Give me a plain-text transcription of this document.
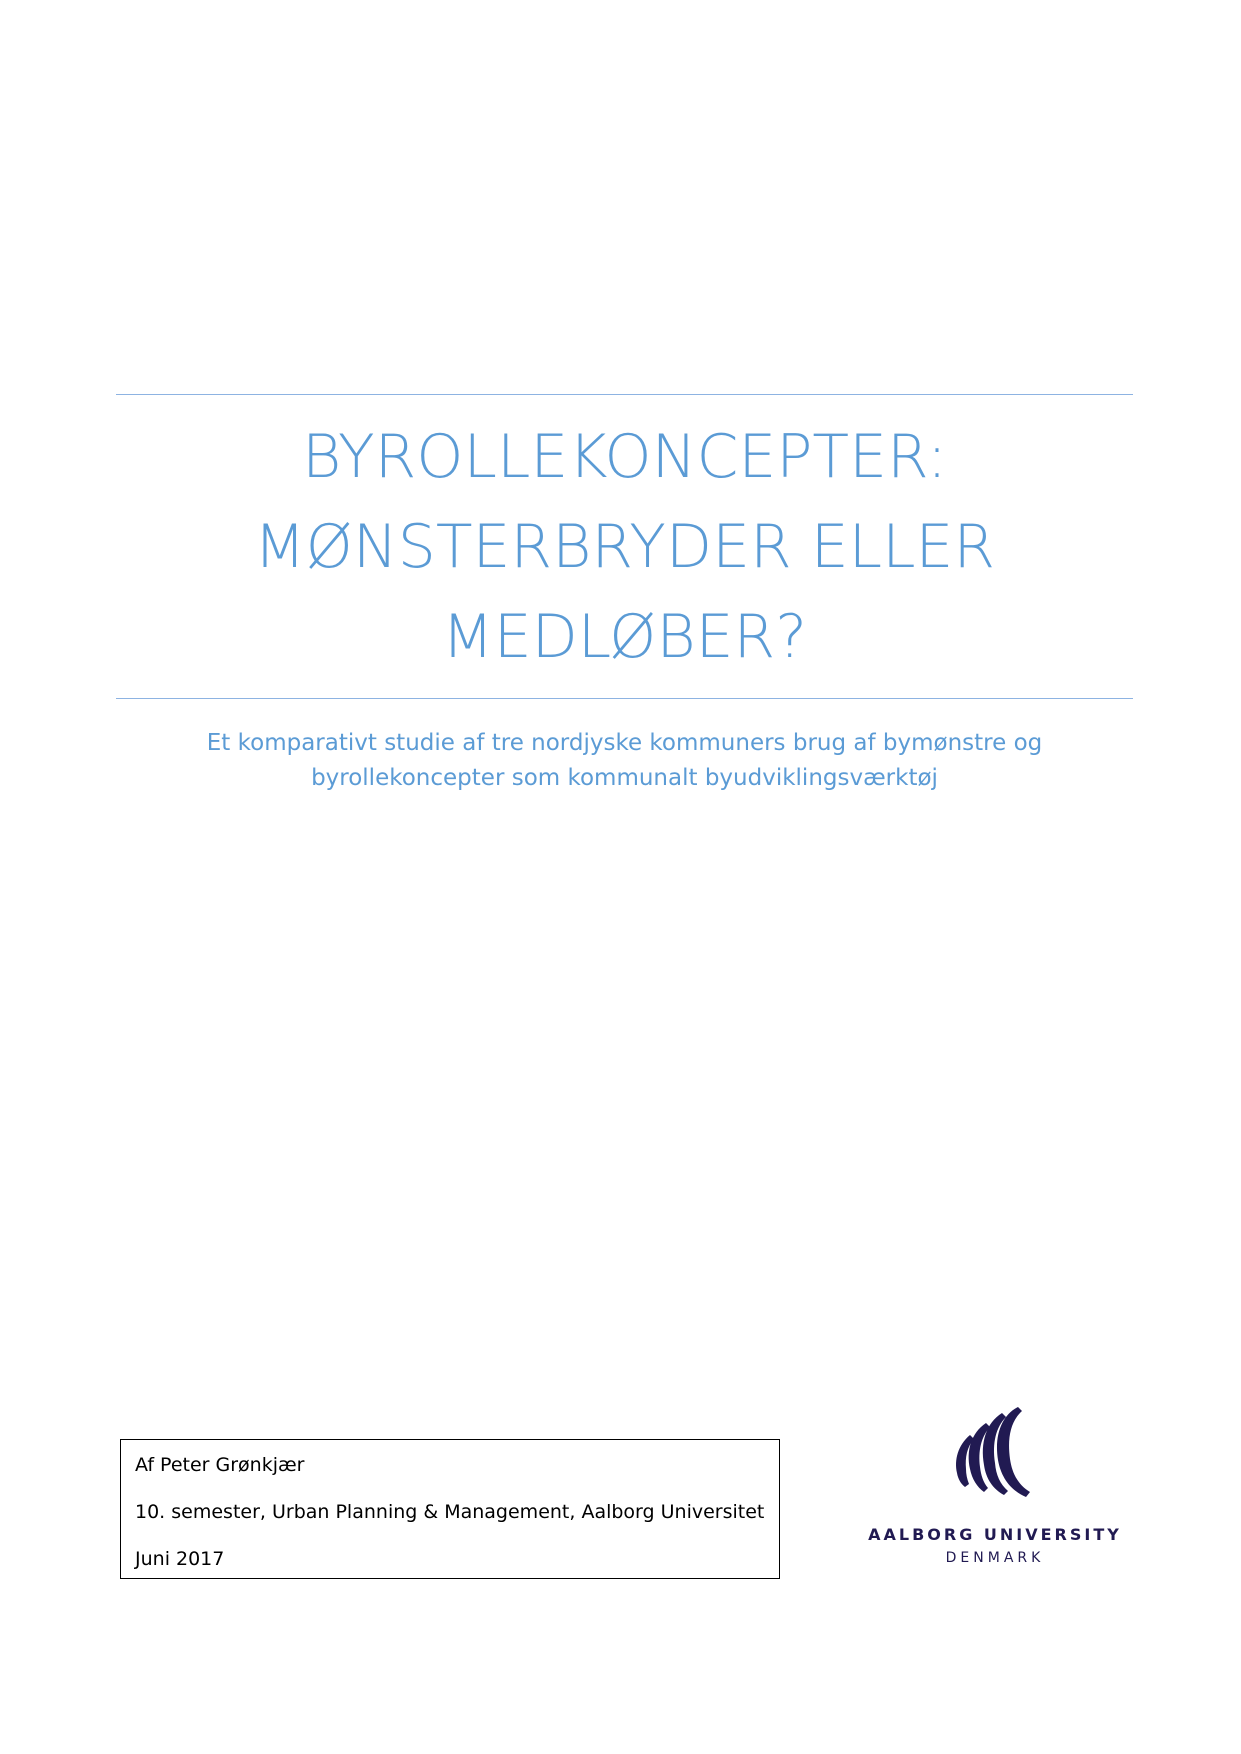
BYROLLEKONCEPTER:
MØNSTERBRYDER ELLER
MEDLØBER?
Et komparativt studie af tre nordjyske kommuners brug af bymønstre og
byrollekoncepter som kommunalt byudviklingsværktøj
Af Peter Grønkjær
10. semester, Urban Planning & Management, Aalborg Universitet
Juni 2017
AALBORG UNIVERSITY
DENMARK
